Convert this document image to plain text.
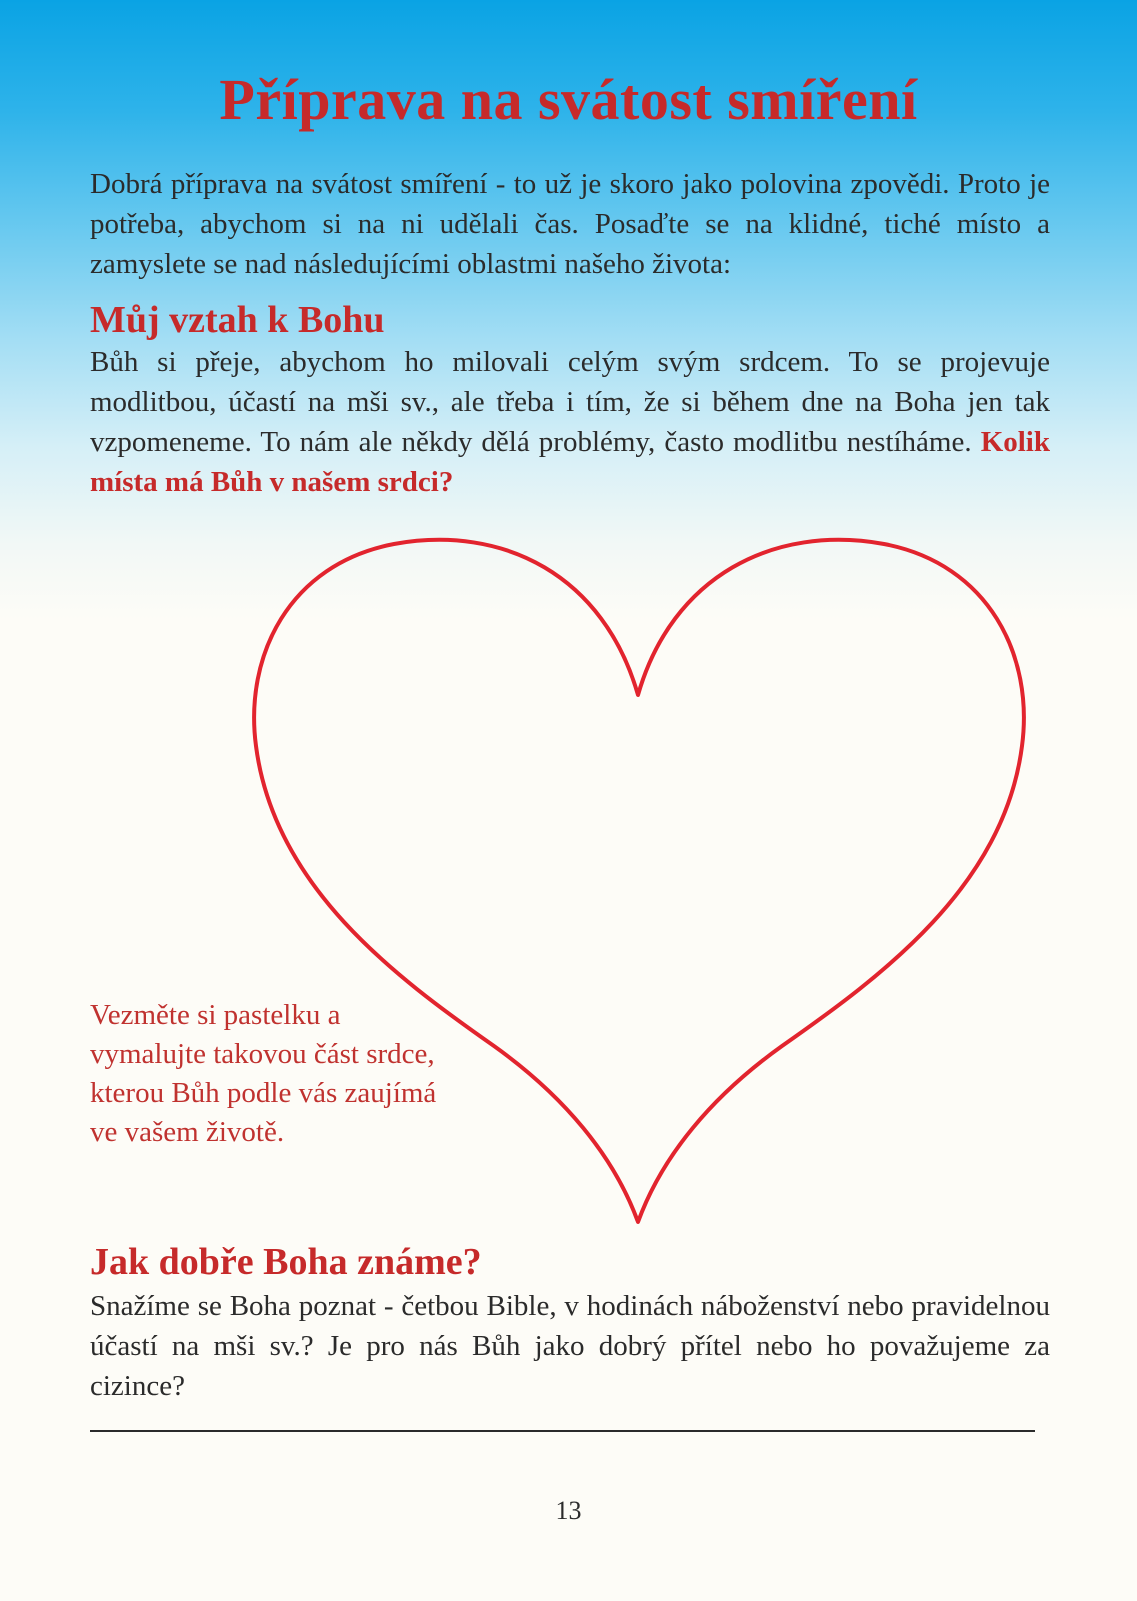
Příprava na svátost smíření
Dobrá příprava na svátost smíření - to už je skoro jako polovina zpovědi. Proto je potřeba, abychom si na ni udělali čas. Posaďte se na klidné, tiché místo a zamyslete se nad následujícími oblastmi našeho života:
Můj vztah k Bohu
Bůh si přeje, abychom ho milovali celým svým srdcem. To se projevuje modlitbou, účastí na mši sv., ale třeba i tím, že si během dne na Boha jen tak vzpomeneme. To nám ale někdy dělá problémy, často modlitbu nestíháme. Kolik místa má Bůh v našem srdci?
Vezměte si pastelku a vymalujte takovou část srdce, kterou Bůh podle vás zaujímá ve vašem životě.
Jak dobře Boha známe?
Snažíme se Boha poznat - četbou Bible, v hodinách náboženství nebo pravidelnou účastí na mši sv.? Je pro nás Bůh jako dobrý přítel nebo ho považujeme za cizince?
13
